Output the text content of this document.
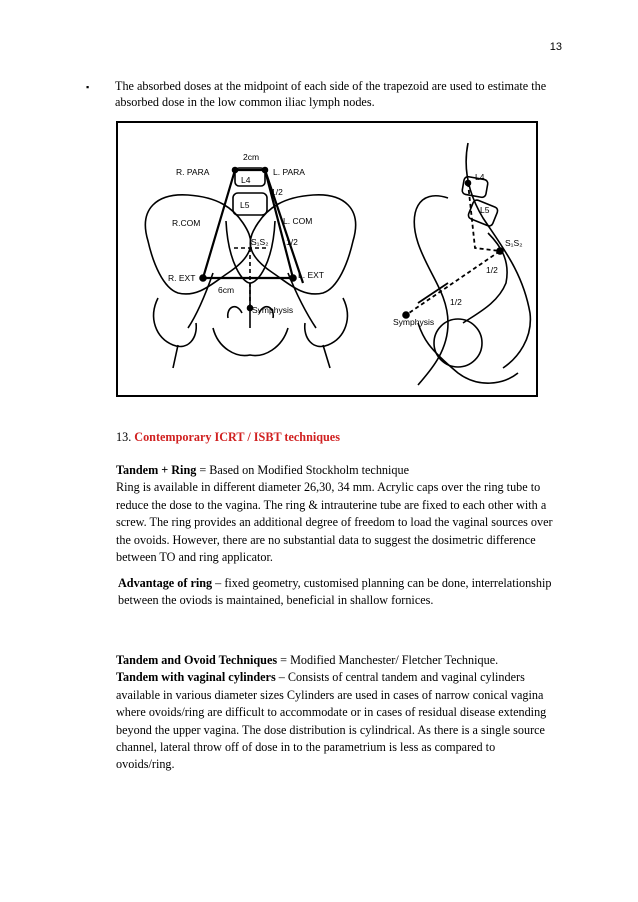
13
▪ The absorbed doses at the midpoint of each side of the trapezoid are used to estimate the absorbed dose in the low common iliac lymph nodes.
2cm
R. PARA	L. PARA
L4
1/2
L5
R.COM	L. COM
S₁S₂ 1/2
R. EXT	L. EXT
6cm
Symphysis
L4
L5
S₁S₂
1/2
1/2
Symphysis
13. Contemporary ICRT / ISBT techniques
Tandem + Ring = Based on Modified Stockholm technique
Ring is available in different diameter 26,30, 34 mm. Acrylic caps over the ring tube to reduce the dose to the vagina. The ring & intrauterine tube are fixed to each other with a screw. The ring provides an additional degree of freedom to load the vaginal sources over the ovoids. However, there are no substantial data to suggest the dosimetric difference between TO and ring applicator.
Advantage of ring – fixed geometry, customised planning can be done, interrelationship between the oviods is maintained, beneficial in shallow fornices.
Tandem and Ovoid Techniques = Modified Manchester/ Fletcher Technique.
Tandem with vaginal cylinders – Consists of central tandem and vaginal cylinders available in various diameter sizes Cylinders are used in cases of narrow conical vagina where ovoids/ring are difficult to accommodate or in cases of residual disease extending beyond the upper vagina. The dose distribution is cylindrical. As there is a single source channel, lateral throw off of dose in to the parametrium is less as compared to ovoids/ring.
